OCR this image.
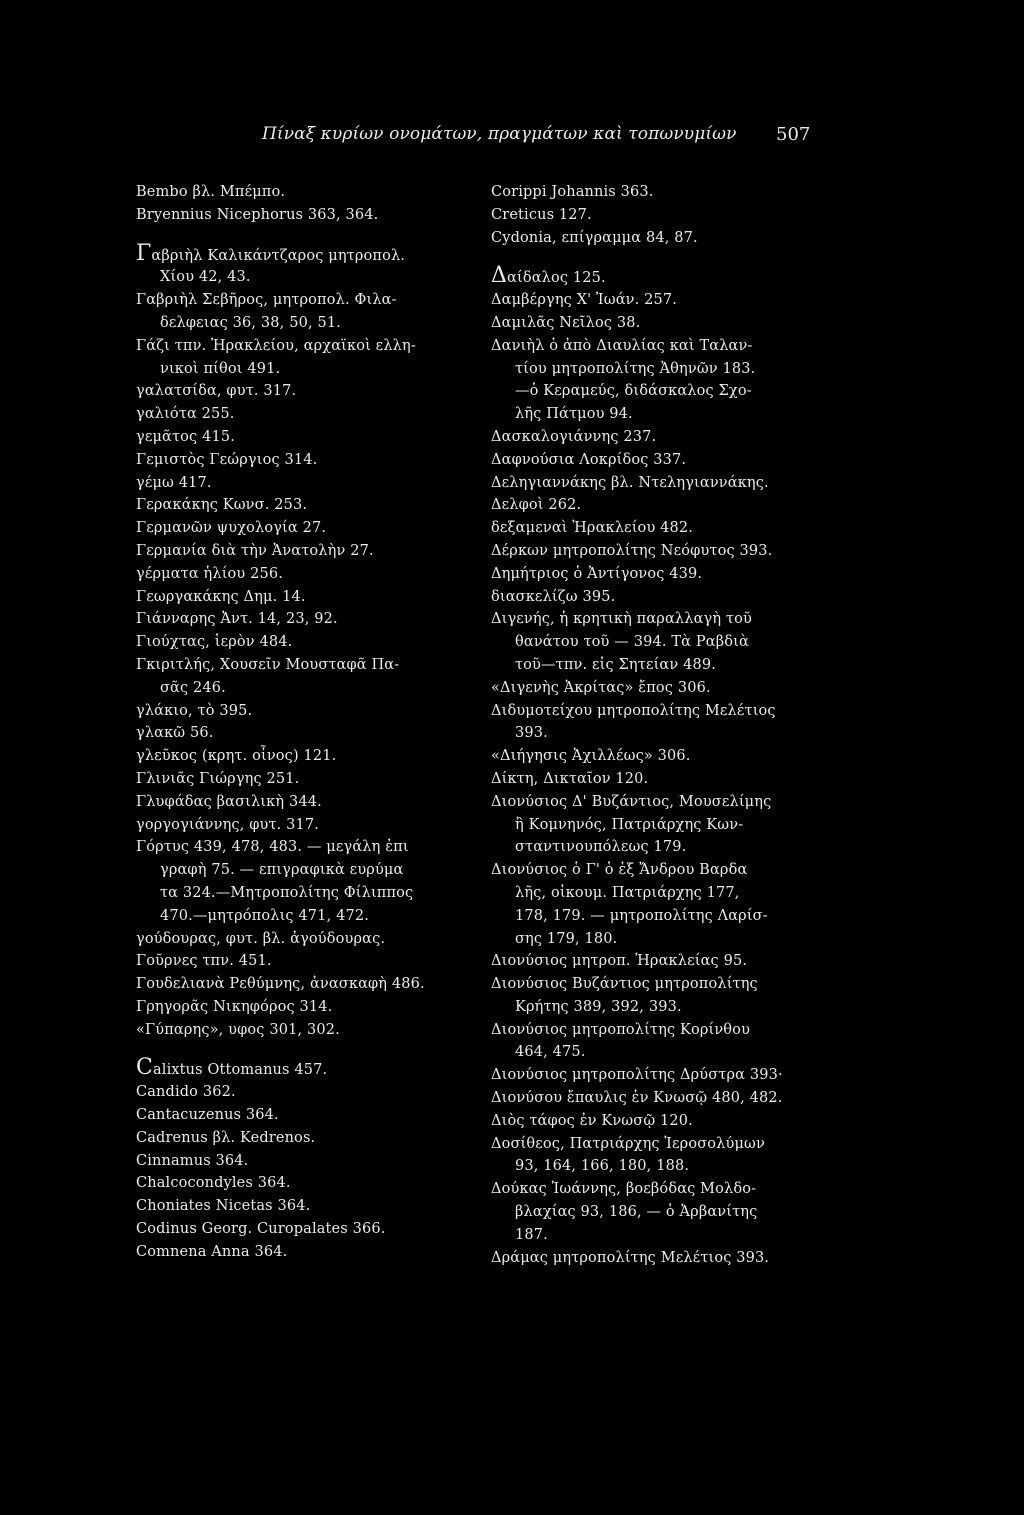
Πίναξ κυρίων ονομάτων, πραγμάτων καὶ τοπωνυμίων 507
Bembo βλ. Μπέμπο.
Bryennius Nicephorus 363, 364.
Γαβριὴλ Καλικάντζαρος μητροπολ.
Χίου 42, 43.
Γαβριὴλ Σεβῆρος, μητροπολ. Φιλα-
δελφειας 36, 38, 50, 51.
Γάζι τπν. Ἡρακλείου, αρχαϊκοὶ ελλη-
νικοὶ πίθοι 491.
γαλατσίδα, φυτ. 317.
γαλιότα 255.
γεμᾶτος 415.
Γεμιστὸς Γεώργιος 314.
γέμω 417.
Γερακάκης Κωνσ. 253.
Γερμανῶν ψυχολογία 27.
Γερμανία διὰ τὴν Ἀνατολὴν 27.
γέρματα ἡλίου 256.
Γεωργακάκης Δημ. 14.
Γιάνναρης Ἀντ. 14, 23, 92.
Γιούχτας, ἱερὸν 484.
Γκιριτλής, Χουσεῖν Μουσταφᾶ Πα-
σᾶς 246.
γλάκιο, τὸ 395.
γλακῶ 56.
γλεῦκος (κρητ. οἶνος) 121.
Γλινιᾶς Γιώργης 251.
Γλυφάδας βασιλικὴ 344.
γοργογιάννης, φυτ. 317.
Γόρτυς 439, 478, 483. — μεγάλη ἐπι
γραφὴ 75. — επιγραφικὰ ευρύμα
τα 324.—Μητροπολίτης Φίλιππος
470.—μητρόπολις 471, 472.
γούδουρας, φυτ. βλ. ἀγούδουρας.
Γοῦρνες τπν. 451.
Γουδελιανὰ Ρεθύμνης, ἀνασκαφὴ 486.
Γρηγορᾶς Νικηφόρος 314.
«Γύπαρης», υφος 301, 302.
Calixtus Ottomanus 457.
Candido 362.
Cantacuzenus 364.
Cadrenus βλ. Kedrenos.
Cinnamus 364.
Chalcocondyles 364.
Choniates Nicetas 364.
Codinus Georg. Curopalates 366.
Comnena Anna 364.
Corippi Johannis 363.
Creticus 127.
Cydonia, επίγραμμα 84, 87.
Δαίδαλος 125.
Δαμβέργης Χ' Ἰωάν. 257.
Δαμιλᾶς Νεῖλος 38.
Δανιὴλ ὁ ἀπὸ Διαυλίας καὶ Ταλαν-
τίου μητροπολίτης Ἀθηνῶν 183.
—ὁ Κεραμεύς, διδάσκαλος Σχο-
λῆς Πάτμου 94.
Δασκαλογιάννης 237.
Δαφνούσια Λοκρίδος 337.
Δεληγιαννάκης βλ. Ντεληγιαννάκης.
Δελφοὶ 262.
δεξαμεναὶ Ἡρακλείου 482.
Δέρκων μητροπολίτης Νεόφυτος 393.
Δημήτριος ὁ Ἀντίγονος 439.
διασκελίζω 395.
Διγενής, ἡ κρητικὴ παραλλαγὴ τοῦ
θανάτου τοῦ — 394. Τὰ Ραβδιὰ
τοῦ—τπν. εἰς Σητείαν 489.
«Διγενὴς Ἀκρίτας» ἔπος 306.
Διδυμοτείχου μητροπολίτης Μελέτιος
393.
«Διήγησις Ἀχιλλέως» 306.
Δίκτη, Δικταῖον 120.
Διονύσιος Δ' Βυζάντιος, Μουσελίμης
ἢ Κομνηνός, Πατριάρχης Κων-
σταντινουπόλεως 179.
Διονύσιος ὁ Γ' ὁ ἐξ Ἄνδρου Βαρδα
λῆς, οἰκουμ. Πατριάρχης 177,
178, 179. — μητροπολίτης Λαρίσ-
σης 179, 180.
Διονύσιος μητροπ. Ἡρακλείας 95.
Διονύσιος Βυζάντιος μητροπολίτης
Κρήτης 389, 392, 393.
Διονύσιος μητροπολίτης Κορίνθου
464, 475.
Διονύσιος μητροπολίτης Δρύστρα 393·
Διονύσου ἔπαυλις ἐν Κνωσῷ 480, 482.
Διὸς τάφος ἐν Κνωσῷ 120.
Δοσίθεος, Πατριάρχης Ἱεροσολύμων
93, 164, 166, 180, 188.
Δούκας Ἰωάννης, βοεβόδας Μολδο-
βλαχίας 93, 186, — ὁ Ἀρβανίτης
187.
Δράμας μητροπολίτης Μελέτιος 393.
